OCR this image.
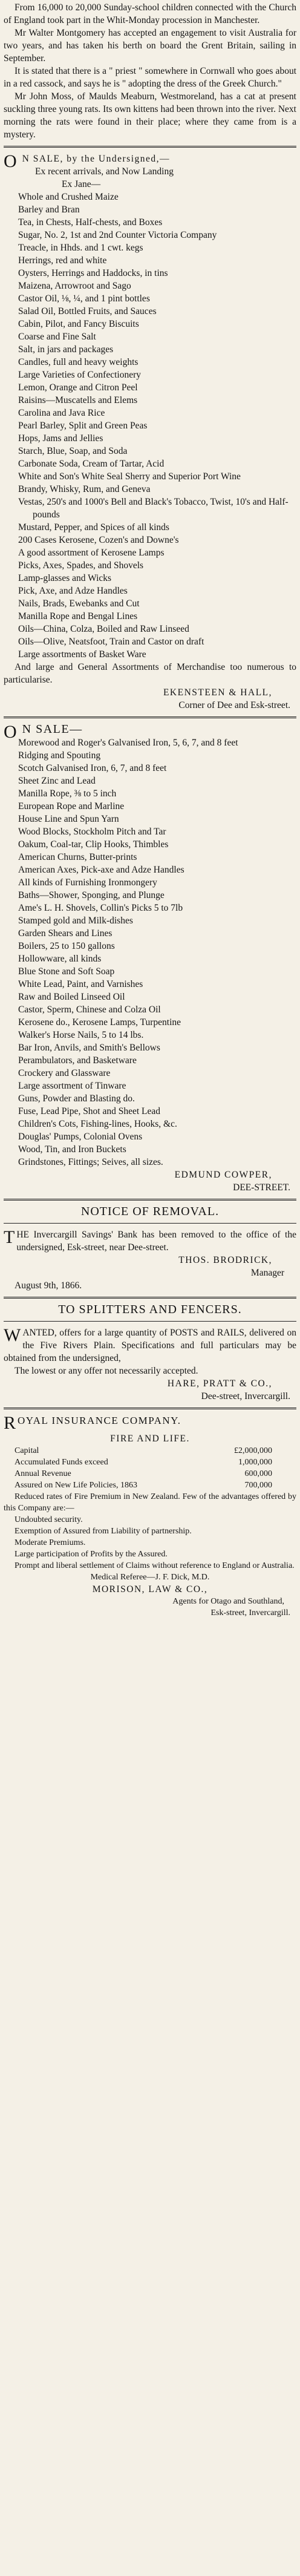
From 16,000 to 20,000 Sunday-school children connected with the Church of England took part in the Whit-Monday procession in Manchester.

Mr Walter Montgomery has accepted an engagement to visit Australia for two years, and has taken his berth on board the Grent Britain, sailing in September.

It is stated that there is a " priest " somewhere in Cornwall who goes about in a red cassock, and says he is " adopting the dress of the Greek Church."

Mr John Moss, of Maulds Meaburn, Westmoreland, has a cat at present suckling three young rats. Its own kittens had been thrown into the river. Next morning the rats were found in their place; where they came from is a mystery.

O N SALE, by the Undersigned,—

Ex recent arrivals, and Now Landing

Ex Jane—

Whole and Crushed Maize

Barley and Bran

Tea, in Chests, Half-chests, and Boxes

Sugar, No. 2, 1st and 2nd Counter Victoria Company

Treacle, in Hhds. and 1 cwt. kegs

Herrings, red and white

Oysters, Herrings and Haddocks, in tins

Maizena, Arrowroot and Sago

Castor Oil, ⅛, ¼, and 1 pint bottles

Salad Oil, Bottled Fruits, and Sauces

Cabin, Pilot, and Fancy Biscuits

Coarse and Fine Salt

Salt, in jars and packages

Candles, full and heavy weights

Large Varieties of Confectionery

Lemon, Orange and Citron Peel

Raisins—Muscatells and Elems

Carolina and Java Rice

Pearl Barley, Split and Green Peas

Hops, Jams and Jellies

Starch, Blue, Soap, and Soda

Carbonate Soda, Cream of Tartar, Acid

White and Son's White Seal Sherry and Superior Port Wine

Brandy, Whisky, Rum, and Geneva

Vestas, 250's and 1000's Bell and Black's Tobacco, Twist, 10's and Half-pounds

Mustard, Pepper, and Spices of all kinds

200 Cases Kerosene, Cozen's and Downe's

A good assortment of Kerosene Lamps

Picks, Axes, Spades, and Shovels

Lamp-glasses and Wicks

Pick, Axe, and Adze Handles

Nails, Brads, Ewebanks and Cut

Manilla Rope and Bengal Lines

Oils—China, Colza, Boiled and Raw Linseed

Oils—Olive, Neatsfoot, Train and Castor on draft

Large assortments of Basket Ware

And large and General Assortments of Merchandise too numerous to particularise.

EKENSTEEN & HALL,

Corner of Dee and Esk-street.

O N SALE—

Morewood and Roger's Galvanised Iron, 5, 6, 7, and 8 feet

Ridging and Spouting

Scotch Galvanised Iron, 6, 7, and 8 feet

Sheet Zinc and Lead

Manilla Rope, ⅜ to 5 inch

European Rope and Marline

House Line and Spun Yarn

Wood Blocks, Stockholm Pitch and Tar

Oakum, Coal-tar, Clip Hooks, Thimbles

American Churns, Butter-prints

American Axes, Pick-axe and Adze Handles

All kinds of Furnishing Ironmongery

Baths—Shower, Sponging, and Plunge

Ame's L. H. Shovels, Collin's Picks 5 to 7lb

Stamped gold and Milk-dishes

Garden Shears and Lines

Boilers, 25 to 150 gallons

Hollowware, all kinds

Blue Stone and Soft Soap

White Lead, Paint, and Varnishes

Raw and Boiled Linseed Oil

Castor, Sperm, Chinese and Colza Oil

Kerosene do., Kerosene Lamps, Turpentine

Walker's Horse Nails, 5 to 14 lbs.

Bar Iron, Anvils, and Smith's Bellows

Perambulators, and Basketware

Crockery and Glassware

Large assortment of Tinware

Guns, Powder and Blasting do.

Fuse, Lead Pipe, Shot and Sheet Lead

Children's Cots, Fishing-lines, Hooks, &c.

Douglas' Pumps, Colonial Ovens

Wood, Tin, and Iron Buckets

Grindstones, Fittings; Seives, all sizes.

EDMUND COWPER,

DEE-STREET.

NOTICE OF REMOVAL.

THE Invercargill Savings' Bank has been removed to the office of the undersigned, Esk-street, near Dee-street.

THOS. BRODRICK,

Manager

August 9th, 1866.

TO SPLITTERS AND FENCERS.

WANTED, offers for a large quantity of POSTS and RAILS, delivered on the Five Rivers Plain. Specifications and full particulars may be obtained from the undersigned,

The lowest or any offer not necessarily accepted.

HARE, PRATT & CO.,

Dee-street, Invercargill.

ROYAL INSURANCE COMPANY.

FIRE AND LIFE.

Capital	£2,000,000
Accumulated Funds exceed	1,000,000
Annual Revenue	600,000
Assured on New Life Policies, 1863	700,000

Reduced rates of Fire Premium in New Zealand. Few of the advantages offered by this Company are:—

Undoubted security.

Exemption of Assured from Liability of partnership.

Moderate Premiums.

Large participation of Profits by the Assured.

Prompt and liberal settlement of Claims without reference to England or Australia.

Medical Referee—J. F. Dick, M.D.

MORISON, LAW & CO.,

Agents for Otago and Southland,

Esk-street, Invercargill.
